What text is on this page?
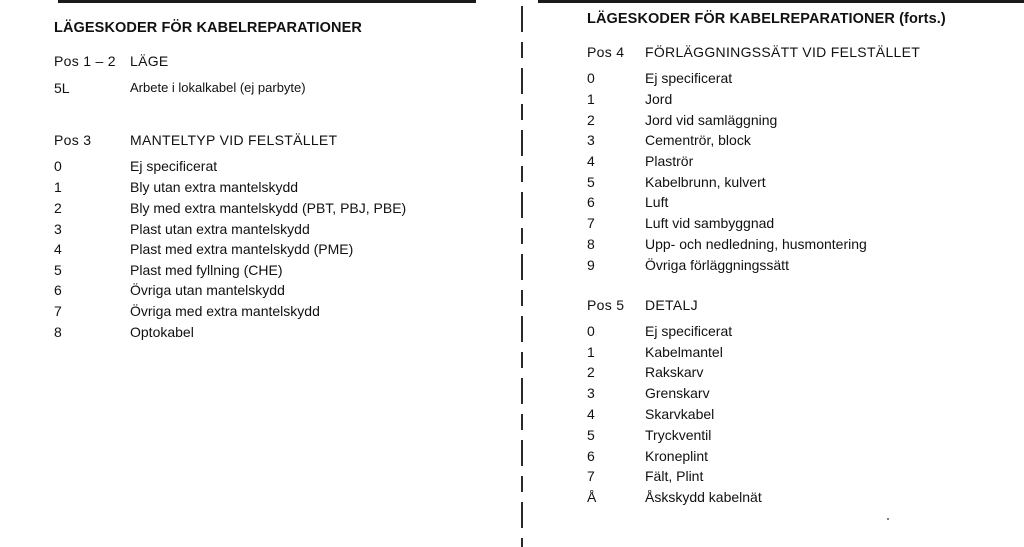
LÄGESKODER FÖR KABELREPARATIONER
Pos 1 – 2 LÄGE
5L	Arbete i lokalkabel (ej parbyte)
Pos 3	MANTELTYP VID FELSTÄLLET
0	Ej specificerat
1	Bly utan extra mantelskydd
2	Bly med extra mantelskydd (PBT, PBJ, PBE)
3	Plast utan extra mantelskydd
4	Plast med extra mantelskydd (PME)
5	Plast med fyllning (CHE)
6	Övriga utan mantelskydd
7	Övriga med extra mantelskydd
8	Optokabel
LÄGESKODER FÖR KABELREPARATIONER (forts.)
Pos 4 FÖRLÄGGNINGSSÄTT VID FELSTÄLLET
0	Ej specificerat
1	Jord
2	Jord vid samläggning
3	Cementrör, block
4	Plaströr
5	Kabelbrunn, kulvert
6	Luft
7	Luft vid sambyggnad
8	Upp- och nedledning, husmontering
9	Övriga förläggningssätt
Pos 5 DETALJ
0	Ej specificerat
1	Kabelmantel
2	Rakskarv
3	Grenskarv
4	Skarvkabel
5	Tryckventil
6	Kroneplint
7	Fält, Plint
Å	Åskskydd kabelnät
